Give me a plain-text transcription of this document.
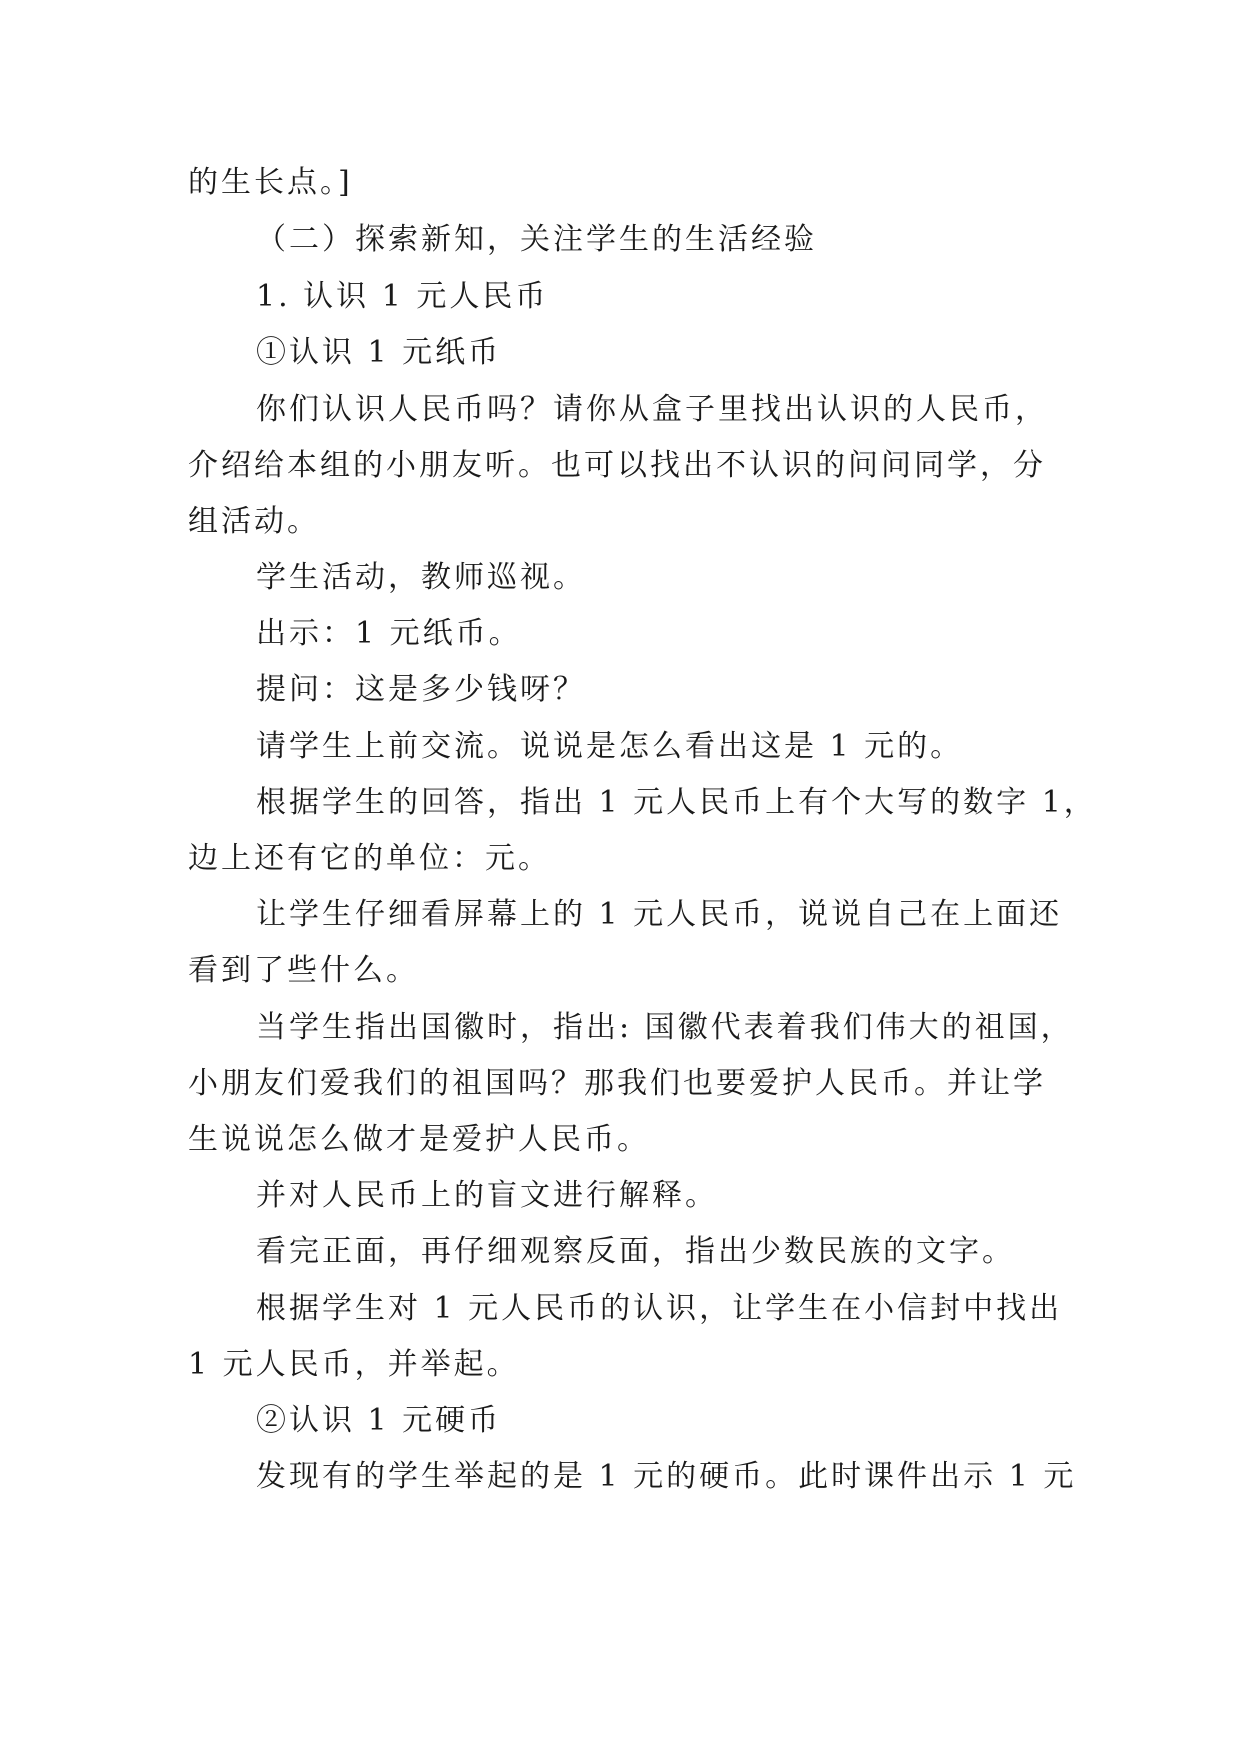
的生长点。]
（二）探索新知，关注学生的生活经验
1. 认识 1 元人民币
①认识 1 元纸币
你们认识人民币吗？请你从盒子里找出认识的人民币，
介绍给本组的小朋友听。也可以找出不认识的问问同学，分
组活动。
学生活动，教师巡视。
出示：1 元纸币。
提问：这是多少钱呀？
请学生上前交流。说说是怎么看出这是 1 元的。
根据学生的回答，指出 1 元人民币上有个大写的数字 1，
边上还有它的单位：元。
让学生仔细看屏幕上的 1 元人民币，说说自己在上面还
看到了些什么。
当学生指出国徽时，指出: 国徽代表着我们伟大的祖国，
小朋友们爱我们的祖国吗？那我们也要爱护人民币。并让学
生说说怎么做才是爱护人民币。
并对人民币上的盲文进行解释。
看完正面，再仔细观察反面，指出少数民族的文字。
根据学生对 1 元人民币的认识，让学生在小信封中找出
1 元人民币，并举起。
②认识 1 元硬币
发现有的学生举起的是 1 元的硬币。此时课件出示 1 元
